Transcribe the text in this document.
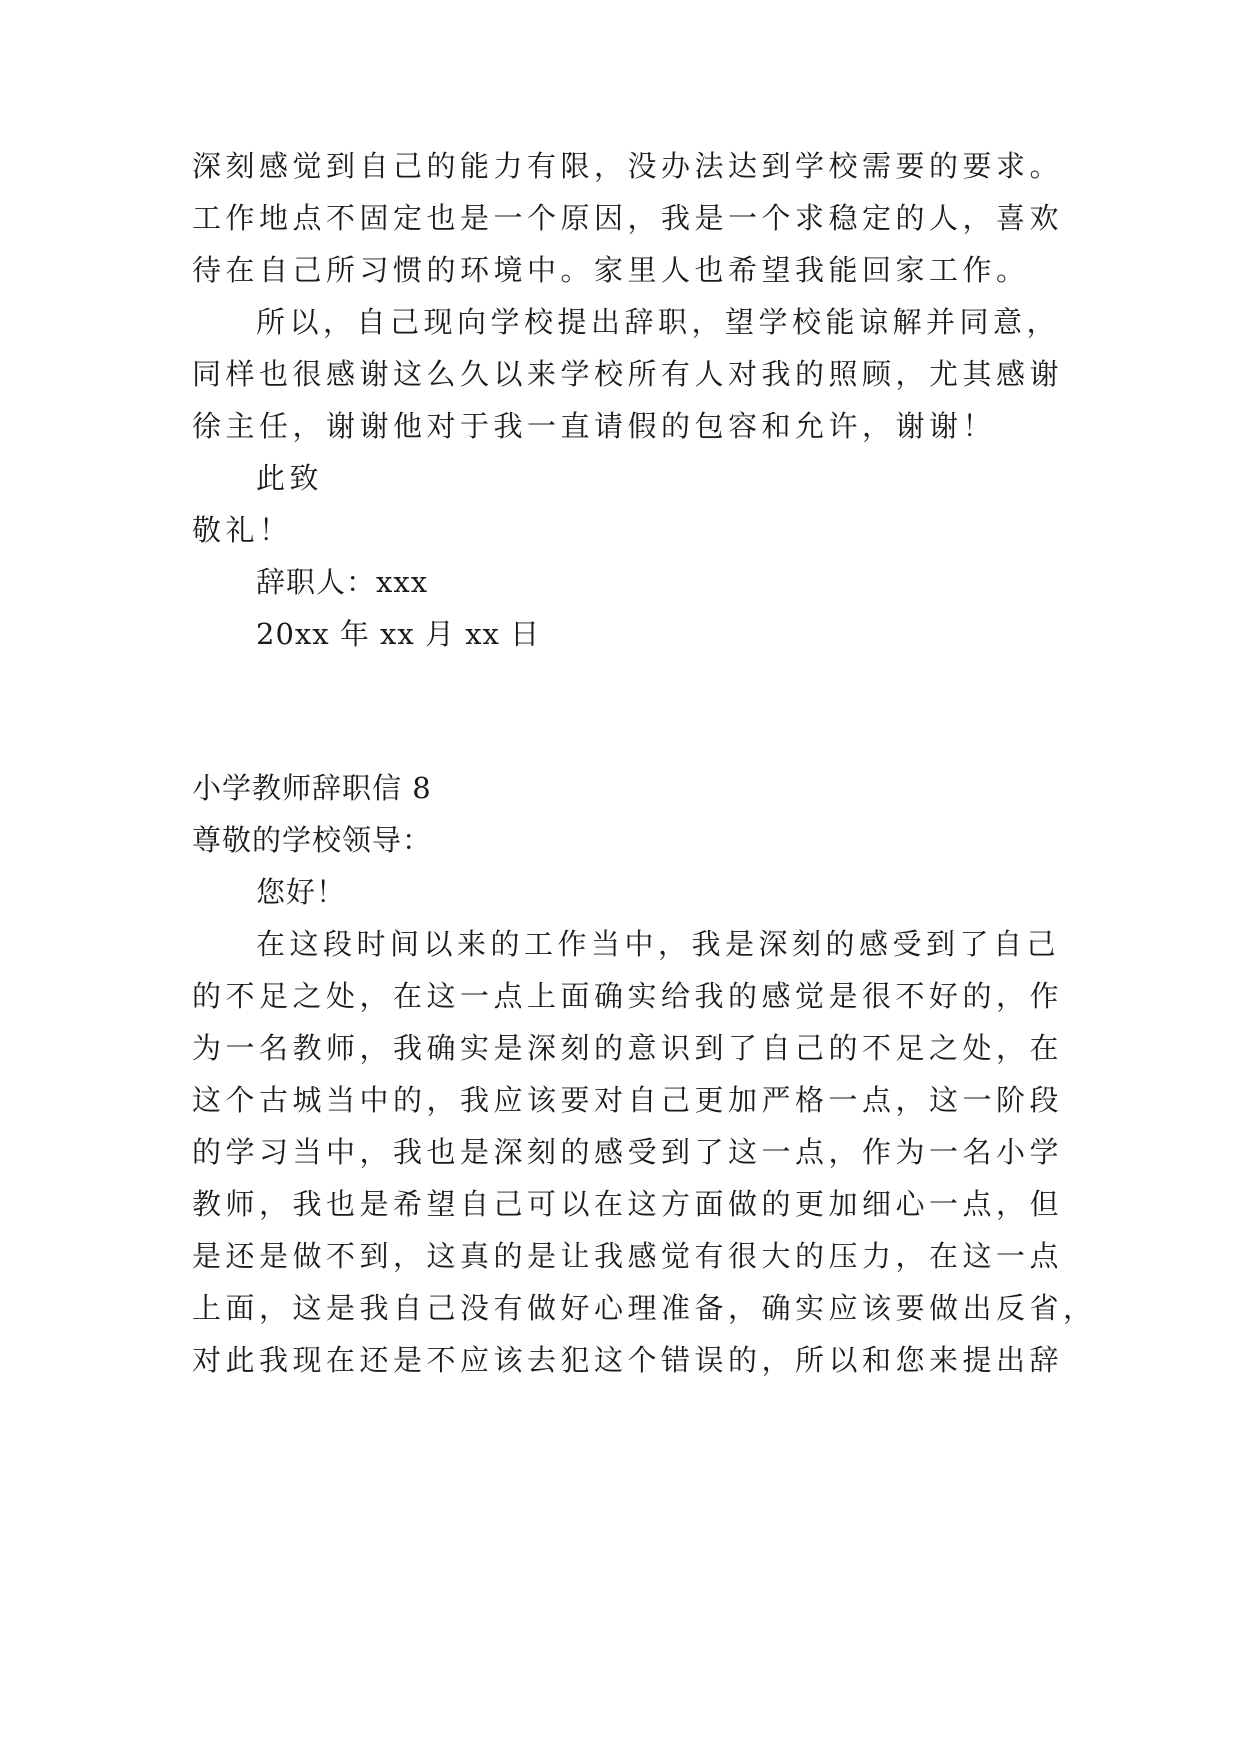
深刻感觉到自己的能力有限，没办法达到学校需要的要求。
工作地点不固定也是一个原因，我是一个求稳定的人，喜欢
待在自己所习惯的环境中。家里人也希望我能回家工作。
所以，自己现向学校提出辞职，望学校能谅解并同意，
同样也很感谢这么久以来学校所有人对我的照顾，尤其感谢
徐主任，谢谢他对于我一直请假的包容和允许，谢谢！
此致
敬礼！
辞职人：xxx
20xx 年 xx 月 xx 日
小学教师辞职信 8
尊敬的学校领导：
您好！
在这段时间以来的工作当中，我是深刻的感受到了自己
的不足之处，在这一点上面确实给我的感觉是很不好的，作
为一名教师，我确实是深刻的意识到了自己的不足之处，在
这个古城当中的，我应该要对自己更加严格一点，这一阶段
的学习当中，我也是深刻的感受到了这一点，作为一名小学
教师，我也是希望自己可以在这方面做的更加细心一点，但
是还是做不到，这真的是让我感觉有很大的压力，在这一点
上面，这是我自己没有做好心理准备，确实应该要做出反省，
对此我现在还是不应该去犯这个错误的，所以和您来提出辞
